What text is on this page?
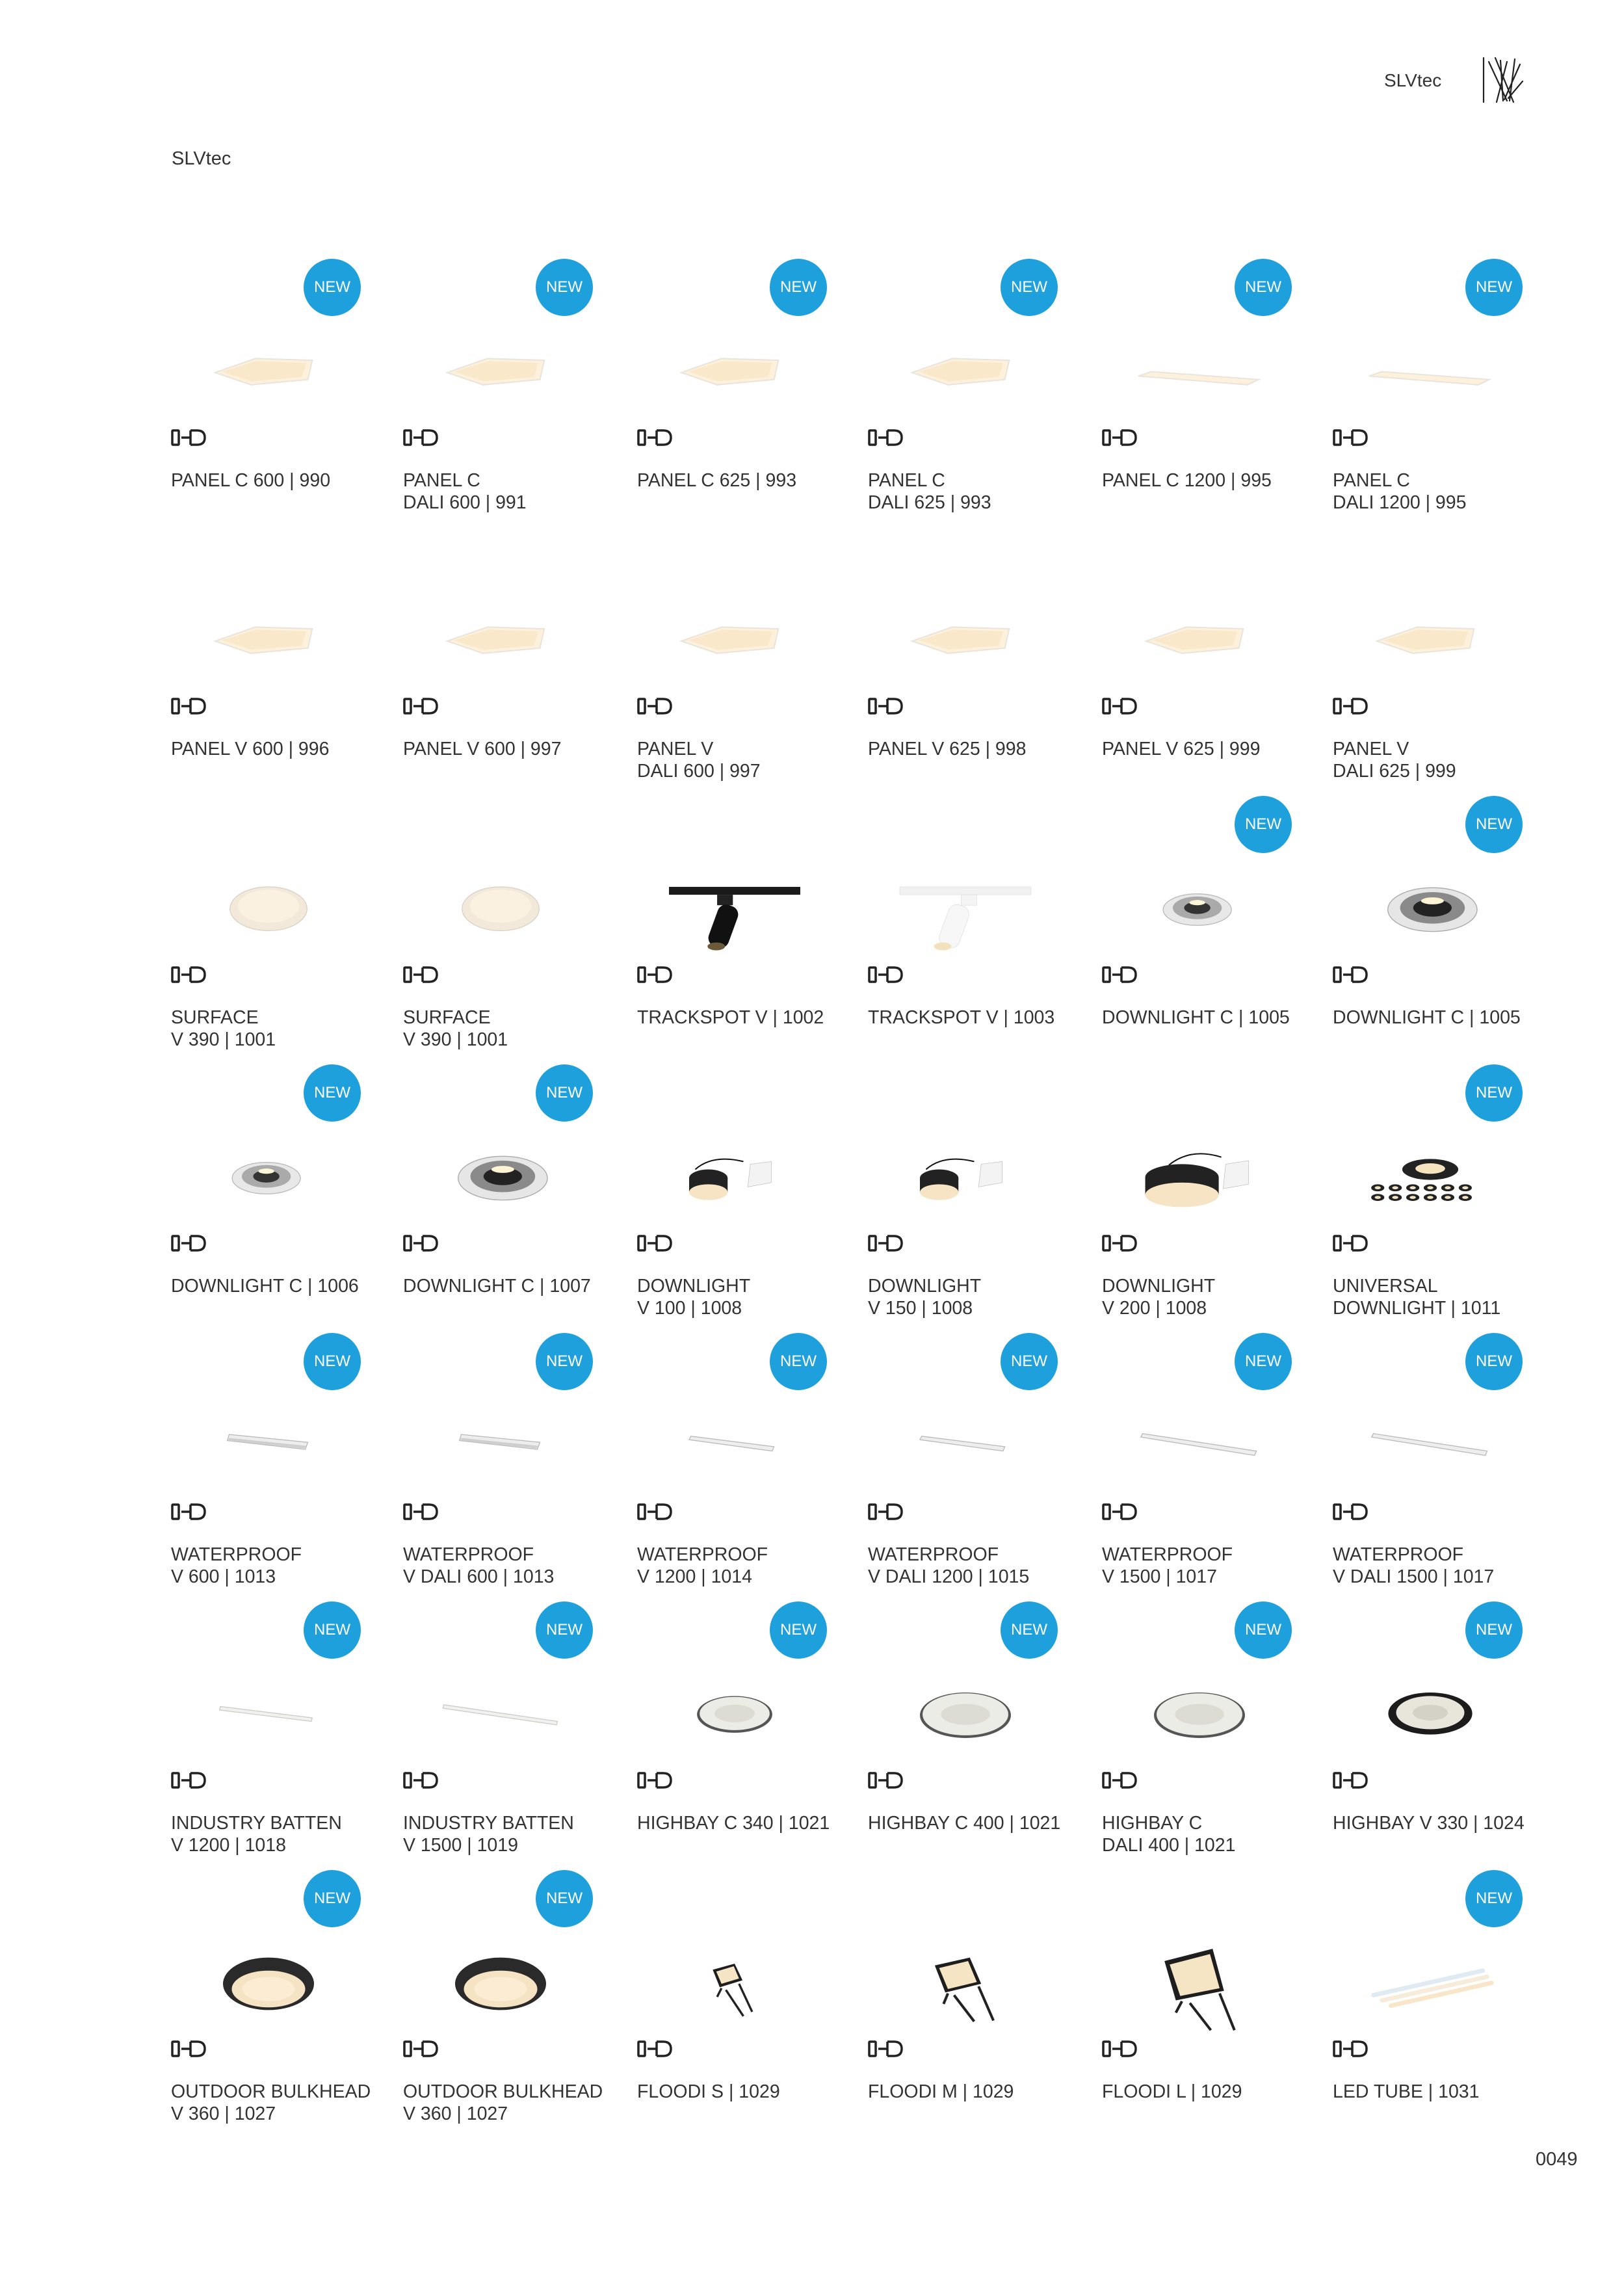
SLVtec
SLVtec
NEW
PANEL C 600 | 990
NEW
PANEL C
DALI 600 | 991
NEW
PANEL C 625 | 993
NEW
PANEL C
DALI 625 | 993
NEW
PANEL C 1200 | 995
NEW
PANEL C
DALI 1200 | 995
PANEL V 600 | 996	PANEL V 600 | 997	PANEL V
DALI 600 | 997
PANEL V 625 | 998	PANEL V 625 | 999	PANEL V
DALI 625 | 999
SURFACE
V 390 | 1001
SURFACE
V 390 | 1001
TRACKSPOT V | 1002	TRACKSPOT V | 1003
NEW
DOWNLIGHT C | 1005
NEW
DOWNLIGHT C | 1005
NEW
DOWNLIGHT C | 1006
NEW
DOWNLIGHT C | 1007	DOWNLIGHT
V 100 | 1008
DOWNLIGHT
V 150 | 1008
DOWNLIGHT
V 200 | 1008
NEW
UNIVERSAL
DOWNLIGHT | 1011
NEW
WATERPROOF
V 600 | 1013
NEW
WATERPROOF
V DALI 600 | 1013
NEW
WATERPROOF
V 1200 | 1014
NEW
WATERPROOF
V DALI 1200 | 1015
NEW
WATERPROOF
V 1500 | 1017
NEW
WATERPROOF
V DALI 1500 | 1017
NEW
INDUSTRY BATTEN
V 1200 | 1018
NEW
INDUSTRY BATTEN
V 1500 | 1019
NEW
HIGHBAY C 340 | 1021
NEW
HIGHBAY C 400 | 1021
NEW
HIGHBAY C
DALI 400 | 1021
NEW
HIGHBAY V 330 | 1024
NEW
OUTDOOR BULKHEAD
V 360 | 1027
NEW
OUTDOOR BULKHEAD
V 360 | 1027
FLOODI S | 1029	FLOODI M | 1029	FLOODI L | 1029
NEW
LED TUBE | 1031
0049
